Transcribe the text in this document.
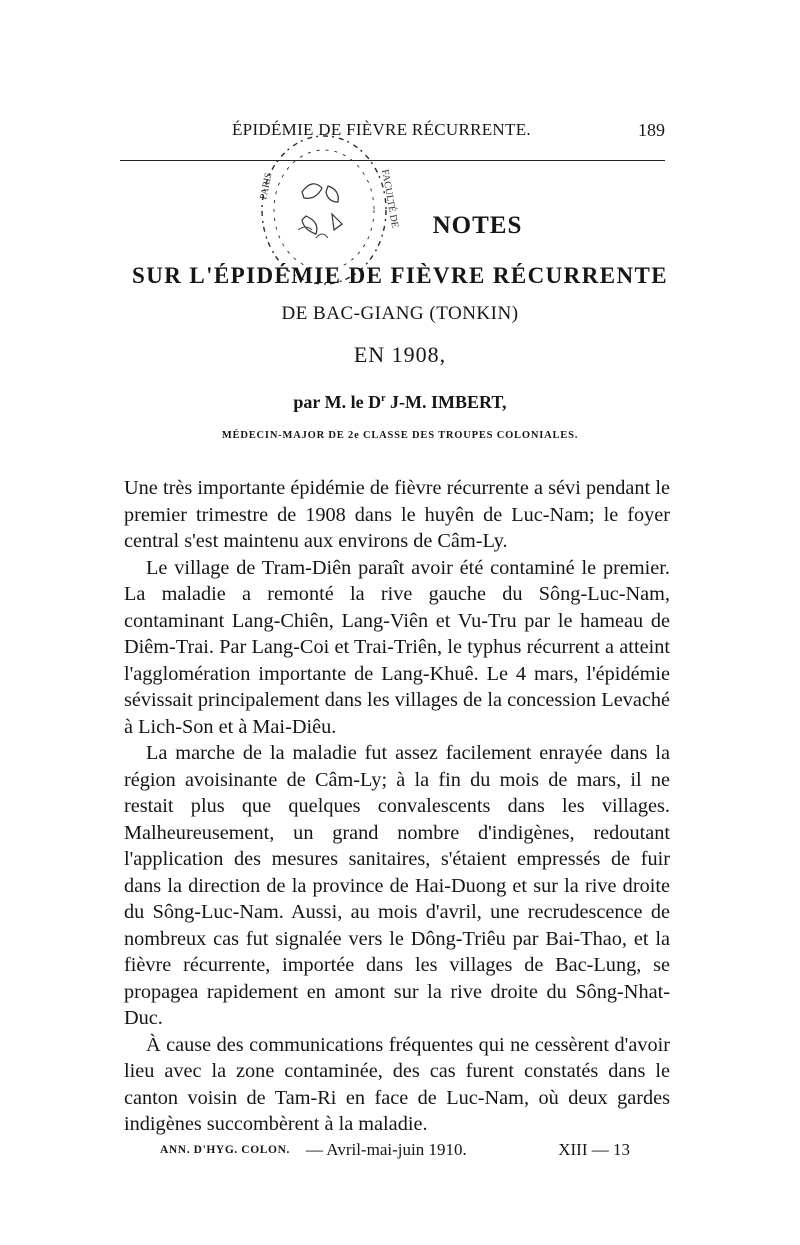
ÉPIDÉMIE DE FIÈVRE RÉCURRENTE.	189
PARIS	FACULTÉ DE	NOTES
SUR L'ÉPIDÉMIE DE FIÈVRE RÉCURRENTE
DE BAC-GIANG (TONKIN)
EN 1908,
par M. le $D^r$ J-M. IMBERT,
MÉDECIN-MAJOR DE 2e CLASSE DES TROUPES COLONIALES.

Une très importante épidémie de fièvre récurrente a sévi pendant le premier trimestre de 1908 dans le huyên de Luc-Nam; le foyer central s'est maintenu aux environs de Câm-Ly.

Le village de Tram-Diên paraît avoir été contaminé le premier. La maladie a remonté la rive gauche du Sông-Luc-Nam, contaminant Lang-Chiên, Lang-Viên et Vu-Tru par le hameau de Diêm-Trai. Par Lang-Coi et Trai-Triên, le typhus récurrent a atteint l'agglomération importante de Lang-Khuê. Le 4 mars, l'épidémie sévissait principalement dans les villages de la concession Levaché à Lich-Son et à Mai-Diêu.

La marche de la maladie fut assez facilement enrayée dans la région avoisinante de Câm-Ly; à la fin du mois de mars, il ne restait plus que quelques convalescents dans les villages. Malheureusement, un grand nombre d'indigènes, redoutant l'application des mesures sanitaires, s'étaient empressés de fuir dans la direction de la province de Hai-Duong et sur la rive droite du Sông-Luc-Nam. Aussi, au mois d'avril, une recrudescence de nombreux cas fut signalée vers le Dông-Triêu par Bai-Thao, et la fièvre récurrente, importée dans les villages de Bac-Lung, se propagea rapidement en amont sur la rive droite du Sông-Nhat-Duc.

À cause des communications fréquentes qui ne cessèrent d'avoir lieu avec la zone contaminée, des cas furent constatés dans le canton voisin de Tam-Ri en face de Luc-Nam, où deux gardes indigènes succombèrent à la maladie.

ANN. D'HYG. COLON. — Avril-mai-juin 1910.	XIII — 13
